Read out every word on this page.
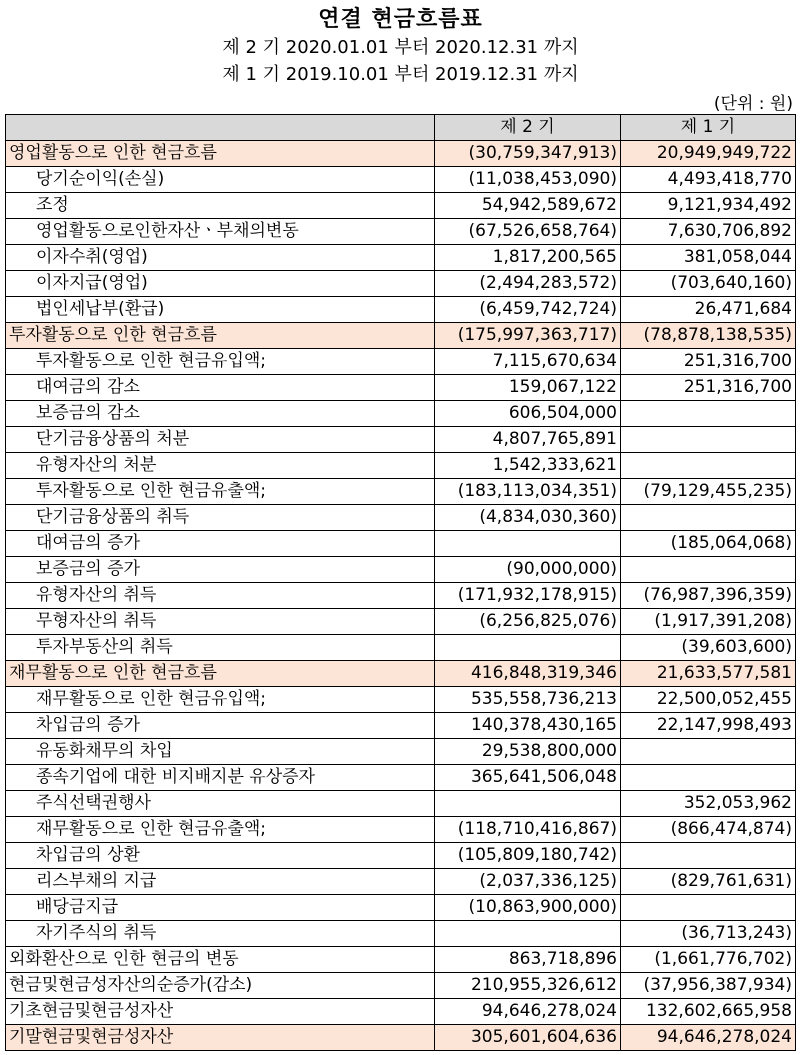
연결 현금흐름표
제 2 기 2020.01.01 부터 2020.12.31 까지
제 1 기 2019.10.01 부터 2019.12.31 까지
(단위 : 원)
	제 2 기	제 1 기
영업활동으로 인한 현금흐름	(30,759,347,913)	20,949,949,722
당기순이익(손실)	(11,038,453,090)	4,493,418,770
조정	54,942,589,672	9,121,934,492
영업활동으로인한자산ㆍ부채의변동	(67,526,658,764)	7,630,706,892
이자수취(영업)	1,817,200,565	381,058,044
이자지급(영업)	(2,494,283,572)	(703,640,160)
법인세납부(환급)	(6,459,742,724)	26,471,684
투자활동으로 인한 현금흐름	(175,997,363,717)	(78,878,138,535)
투자활동으로 인한 현금유입액;	7,115,670,634	251,316,700
대여금의 감소	159,067,122	251,316,700
보증금의 감소	606,504,000	
단기금융상품의 처분	4,807,765,891	
유형자산의 처분	1,542,333,621	
투자활동으로 인한 현금유출액;	(183,113,034,351)	(79,129,455,235)
단기금융상품의 취득	(4,834,030,360)	
대여금의 증가		(185,064,068)
보증금의 증가	(90,000,000)	
유형자산의 취득	(171,932,178,915)	(76,987,396,359)
무형자산의 취득	(6,256,825,076)	(1,917,391,208)
투자부동산의 취득		(39,603,600)
재무활동으로 인한 현금흐름	416,848,319,346	21,633,577,581
재무활동으로 인한 현금유입액;	535,558,736,213	22,500,052,455
차입금의 증가	140,378,430,165	22,147,998,493
유동화채무의 차입	29,538,800,000	
종속기업에 대한 비지배지분 유상증자	365,641,506,048	
주식선택권행사		352,053,962
재무활동으로 인한 현금유출액;	(118,710,416,867)	(866,474,874)
차입금의 상환	(105,809,180,742)	
리스부채의 지급	(2,037,336,125)	(829,761,631)
배당금지급	(10,863,900,000)	
자기주식의 취득		(36,713,243)
외화환산으로 인한 현금의 변동	863,718,896	(1,661,776,702)
현금및현금성자산의순증가(감소)	210,955,326,612	(37,956,387,934)
기초현금및현금성자산	94,646,278,024	132,602,665,958
기말현금및현금성자산	305,601,604,636	94,646,278,024
